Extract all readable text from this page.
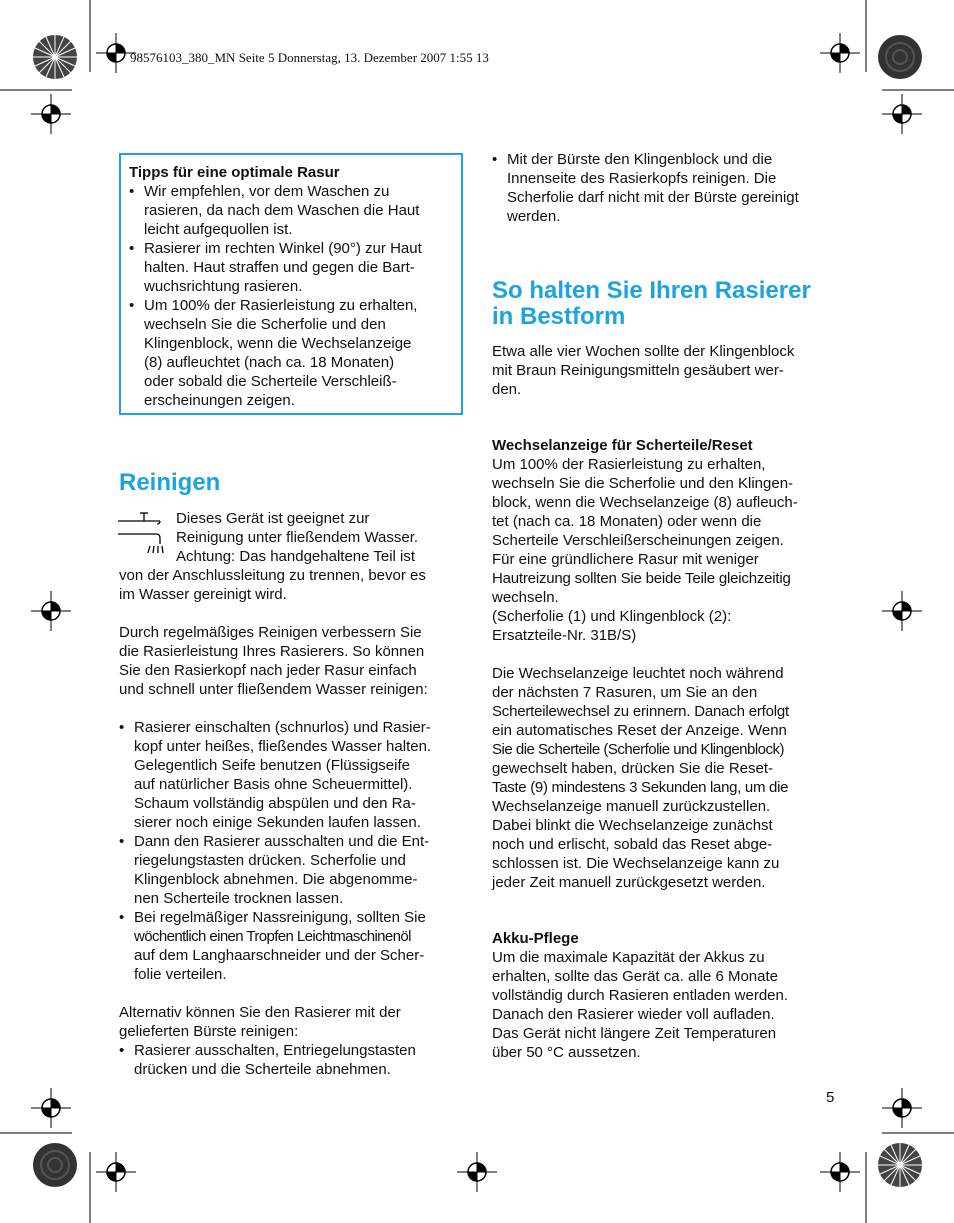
98576103_380_MN Seite 5 Donnerstag, 13. Dezember 2007 1:55 13
Tipps für eine optimale Rasur
• Wir empfehlen, vor dem Waschen zu
rasieren, da nach dem Waschen die Haut
leicht aufgequollen ist.
• Rasierer im rechten Winkel (90°) zur Haut
halten. Haut straffen und gegen die Bart-
wuchsrichtung rasieren.
• Um 100% der Rasierleistung zu erhalten,
wechseln Sie die Scherfolie und den
Klingenblock, wenn die Wechselanzeige
(8) aufleuchtet (nach ca. 18 Monaten)
oder sobald die Scherteile Verschleiß-
erscheinungen zeigen.
Reinigen
Dieses Gerät ist geeignet zur
Reinigung unter fließendem Wasser.
Achtung: Das handgehaltene Teil ist
von der Anschlussleitung zu trennen, bevor es
im Wasser gereinigt wird.
Durch regelmäßiges Reinigen verbessern Sie
die Rasierleistung Ihres Rasierers. So können
Sie den Rasierkopf nach jeder Rasur einfach
und schnell unter fließendem Wasser reinigen:
• Rasierer einschalten (schnurlos) und Rasier-
kopf unter heißes, fließendes Wasser halten.
Gelegentlich Seife benutzen (Flüssigseife
auf natürlicher Basis ohne Scheuermittel).
Schaum vollständig abspülen und den Ra-
sierer noch einige Sekunden laufen lassen.
• Dann den Rasierer ausschalten und die Ent-
riegelungstasten drücken. Scherfolie und
Klingenblock abnehmen. Die abgenomme-
nen Scherteile trocknen lassen.
• Bei regelmäßiger Nassreinigung, sollten Sie
wöchentlich einen Tropfen Leichtmaschinenöl
auf dem Langhaarschneider und der Scher-
folie verteilen.
Alternativ können Sie den Rasierer mit der
gelieferten Bürste reinigen:
• Rasierer ausschalten, Entriegelungstasten
drücken und die Scherteile abnehmen.
• Mit der Bürste den Klingenblock und die
Innenseite des Rasierkopfs reinigen. Die
Scherfolie darf nicht mit der Bürste gereinigt
werden.
So halten Sie Ihren Rasierer
in Bestform
Etwa alle vier Wochen sollte der Klingenblock
mit Braun Reinigungsmitteln gesäubert wer-
den.
Wechselanzeige für Scherteile/Reset
Um 100% der Rasierleistung zu erhalten,
wechseln Sie die Scherfolie und den Klingen-
block, wenn die Wechselanzeige (8) aufleuch-
tet (nach ca. 18 Monaten) oder wenn die
Scherteile Verschleißerscheinungen zeigen.
Für eine gründlichere Rasur mit weniger
Hautreizung sollten Sie beide Teile gleichzeitig
wechseln.
(Scherfolie (1) und Klingenblock (2):
Ersatzteile-Nr. 31B/S)
Die Wechselanzeige leuchtet noch während
der nächsten 7 Rasuren, um Sie an den
Scherteilewechsel zu erinnern. Danach erfolgt
ein automatisches Reset der Anzeige. Wenn
Sie die Scherteile (Scherfolie und Klingenblock)
gewechselt haben, drücken Sie die Reset-
Taste (9) mindestens 3 Sekunden lang, um die
Wechselanzeige manuell zurückzustellen.
Dabei blinkt die Wechselanzeige zunächst
noch und erlischt, sobald das Reset abge-
schlossen ist. Die Wechselanzeige kann zu
jeder Zeit manuell zurückgesetzt werden.
Akku-Pflege
Um die maximale Kapazität der Akkus zu
erhalten, sollte das Gerät ca. alle 6 Monate
vollständig durch Rasieren entladen werden.
Danach den Rasierer wieder voll aufladen.
Das Gerät nicht längere Zeit Temperaturen
über 50 °C aussetzen.
5
